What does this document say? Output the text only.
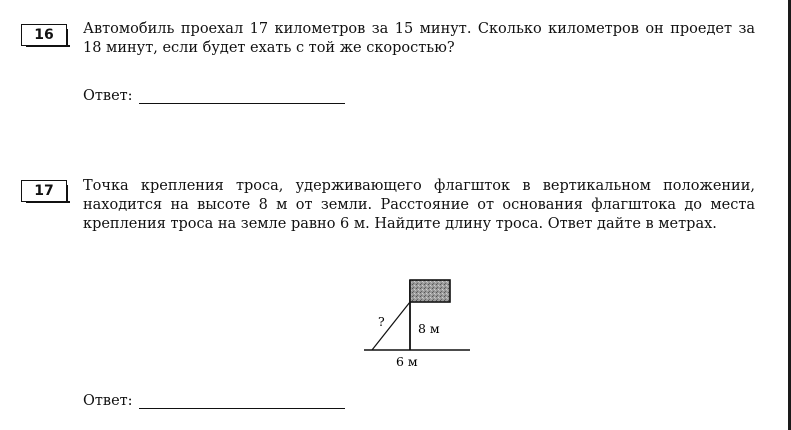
16 Автомобиль проехал 17 километров за 15 минут. Сколько километров он проедет за 18 минут, если будет ехать с той же скоростью?

Ответ:
17 Точка крепления троса, удерживающего флагшток в вертикальном положении, находится на высоте 8 м от земли. Расстояние от основания флагштока до места крепления троса на земле равно 6 м. Найдите длину троса. Ответ дайте в метрах.

?	8 м
6 м
Ответ:
